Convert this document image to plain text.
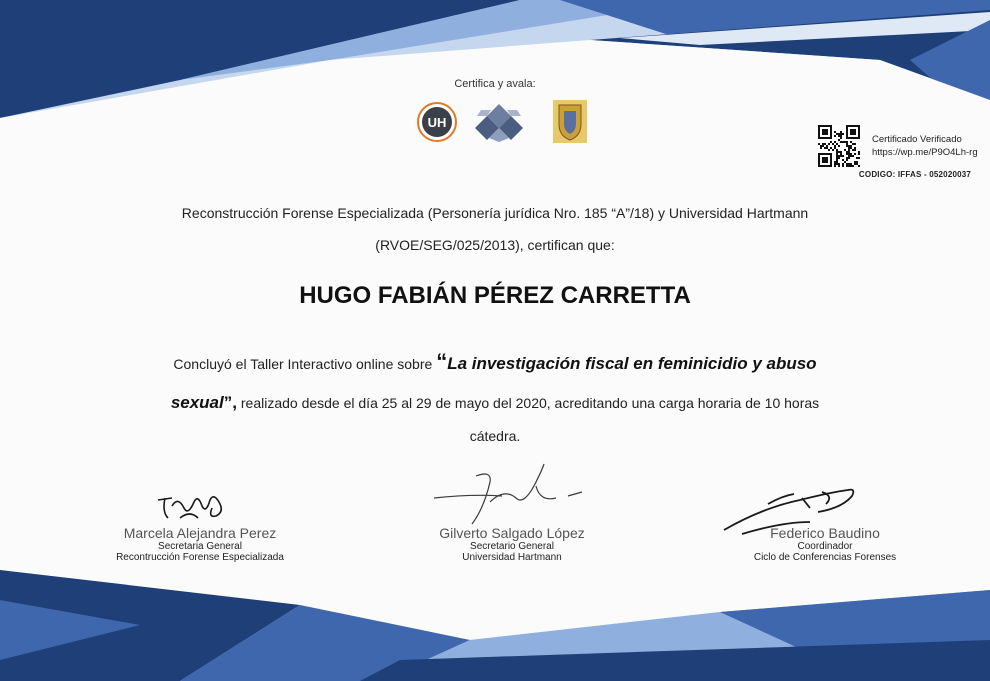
Certifica y avala:
UH
Certificado Verificado
https://wp.me/P9O4Lh-rg
CODIGO: IFFAS - 052020037
Reconstrucción Forense Especializada (Personería jurídica Nro. 185 “A”/18) y Universidad Hartmann
(RVOE/SEG/025/2013), certifican que:
HUGO FABIÁN PÉREZ CARRETTA
Concluyó el Taller Interactivo online sobre “La investigación fiscal en feminicidio y abuso
sexual”, realizado desde el día 25 al 29 de mayo del 2020, acreditando una carga horaria de 10 horas
cátedra.
Marcela Alejandra Perez
Secretaria General
Recontrucción Forense Especializada
Gilverto Salgado López
Secretario General
Universidad Hartmann
Federico Baudino
Coordinador
Ciclo de Conferencias Forenses
